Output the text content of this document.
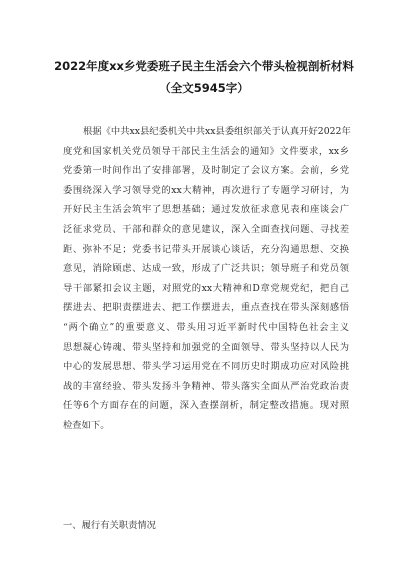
2022年度xx乡党委班子民主生活会六个带头检视剖析材料
（全文5945字）
根据《中共xx县纪委机关中共xx县委组织部关于认真开好2022年
度党和国家机关党员领导干部民主生活会的通知》文件要求，xx乡
党委第一时间作出了安排部署，及时制定了会议方案。会前，乡党
委围绕深入学习领导党的xx大精神，再次进行了专题学习研讨，为
开好民主生活会筑牢了思想基础；通过发放征求意见表和座谈会广
泛征求党员、干部和群众的意见建议，深入全面查找问题、寻找差
距、弥补不足；党委书记带头开展谈心谈话，充分沟通思想、交换
意见，消除顾虑、达成一致，形成了广泛共识；领导班子和党员领
导干部紧扣会议主题，对照党的xx大精神和D章党规党纪，把自己
摆进去、把职责摆进去、把工作摆进去，重点查找在带头深刻感悟
“两个确立”的重要意义、带头用习近平新时代中国特色社会主义
思想凝心铸魂、带头坚持和加强党的全面领导、带头坚持以人民为
中心的发展思想、带头学习运用党在不同历史时期成功应对风险挑
战的丰富经验、带头发扬斗争精神、带头落实全面从严治党政治责
任等6个方面存在的问题，深入查摆剖析，制定整改措施。现对照
检查如下。
一、履行有关职责情况
